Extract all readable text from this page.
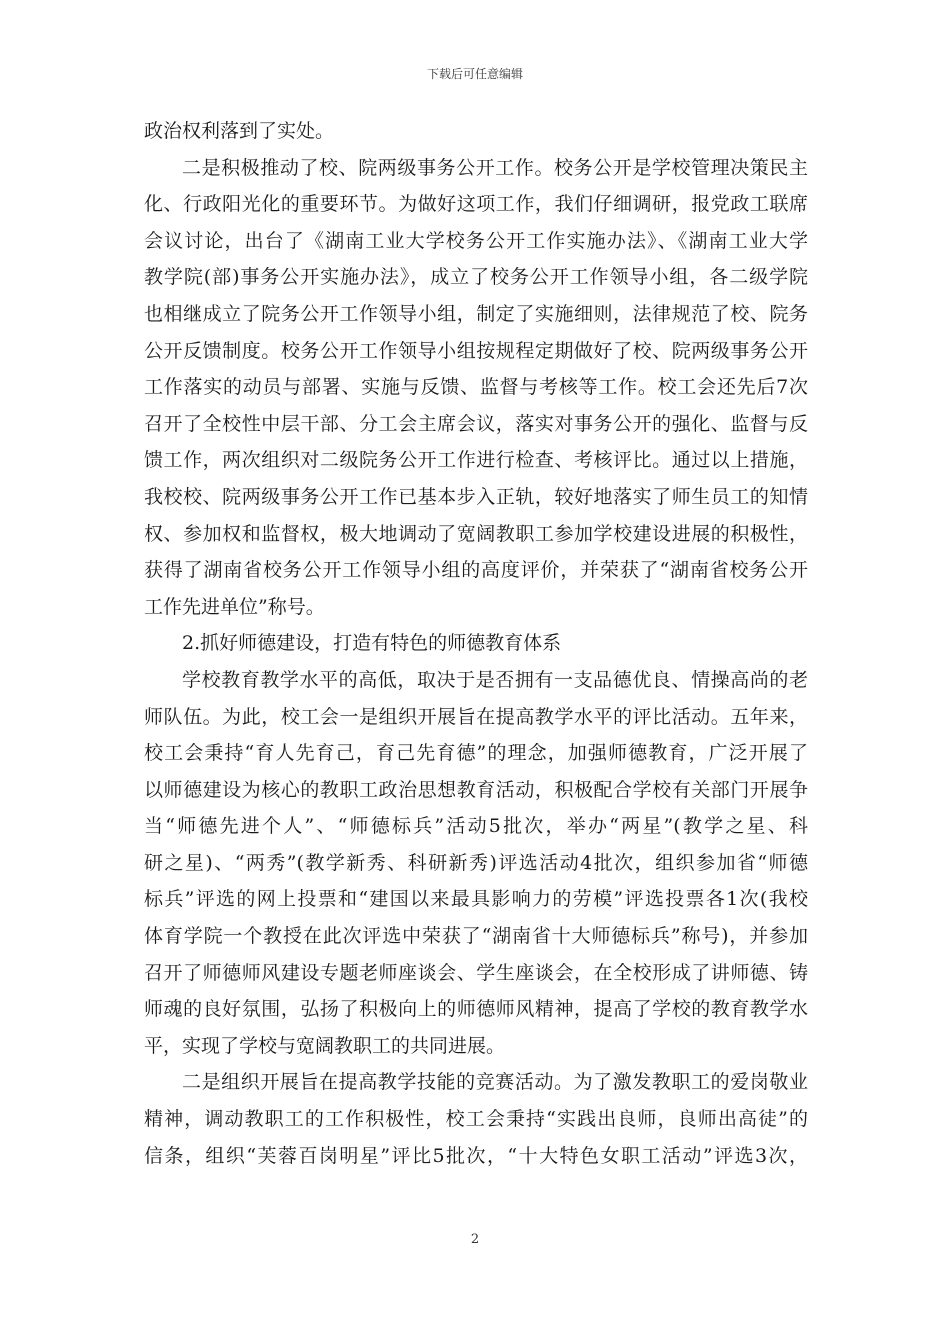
下载后可任意编辑
政治权利落到了实处。
二是积极推动了校、院两级事务公开工作。校务公开是学校管理决策民主
化、行政阳光化的重要环节。为做好这项工作，我们仔细调研，报党政工联席
会议讨论，出台了《湖南工业大学校务公开工作实施办法》、《湖南工业大学
教学院(部)事务公开实施办法》，成立了校务公开工作领导小组，各二级学院
也相继成立了院务公开工作领导小组，制定了实施细则，法律规范了校、院务
公开反馈制度。校务公开工作领导小组按规程定期做好了校、院两级事务公开
工作落实的动员与部署、实施与反馈、监督与考核等工作。校工会还先后7次
召开了全校性中层干部、分工会主席会议，落实对事务公开的强化、监督与反
馈工作，两次组织对二级院务公开工作进行检查、考核评比。通过以上措施，
我校校、院两级事务公开工作已基本步入正轨，较好地落实了师生员工的知情
权、参加权和监督权，极大地调动了宽阔教职工参加学校建设进展的积极性，
获得了湖南省校务公开工作领导小组的高度评价，并荣获了“湖南省校务公开
工作先进单位”称号。
2.抓好师德建设，打造有特色的师德教育体系
学校教育教学水平的高低，取决于是否拥有一支品德优良、情操高尚的老
师队伍。为此，校工会一是组织开展旨在提高教学水平的评比活动。五年来，
校工会秉持“育人先育己，育己先育德”的理念，加强师德教育，广泛开展了
以师德建设为核心的教职工政治思想教育活动，积极配合学校有关部门开展争
当“师德先进个人”、“师德标兵”活动5批次，举办“两星”(教学之星、科
研之星)、“两秀”(教学新秀、科研新秀)评选活动4批次，组织参加省“师德
标兵”评选的网上投票和“建国以来最具影响力的劳模”评选投票各1次(我校
体育学院一个教授在此次评选中荣获了“湖南省十大师德标兵”称号)，并参加
召开了师德师风建设专题老师座谈会、学生座谈会，在全校形成了讲师德、铸
师魂的良好氛围，弘扬了积极向上的师德师风精神，提高了学校的教育教学水
平，实现了学校与宽阔教职工的共同进展。
二是组织开展旨在提高教学技能的竞赛活动。为了激发教职工的爱岗敬业
精神，调动教职工的工作积极性，校工会秉持“实践出良师，良师出高徒”的
信条，组织“芙蓉百岗明星”评比5批次，“十大特色女职工活动”评选3次，
2
